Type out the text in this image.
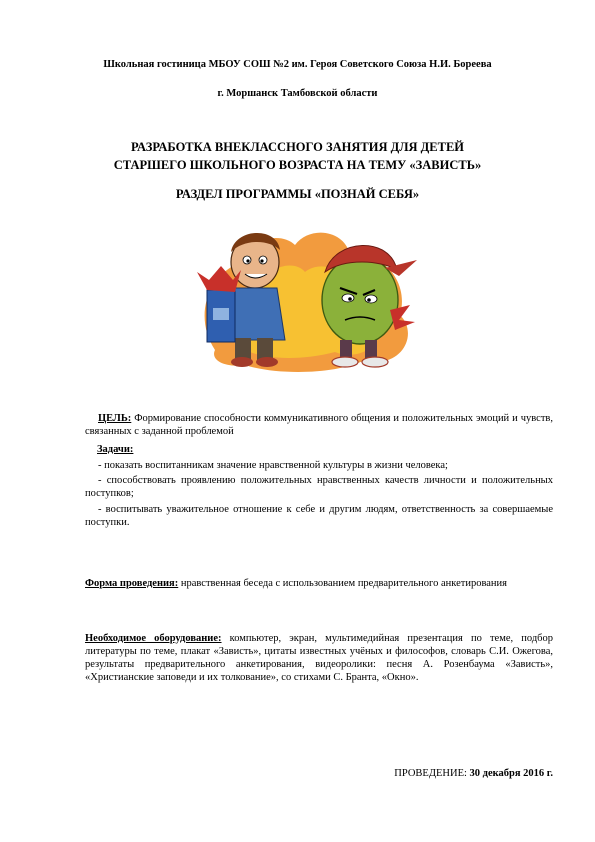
Школьная гостиница МБОУ СОШ №2 им. Героя Советского Союза Н.И. Бореева
г. Моршанск Тамбовской области
РАЗРАБОТКА ВНЕКЛАССНОГО ЗАНЯТИЯ ДЛЯ ДЕТЕЙ
СТАРШЕГО ШКОЛЬНОГО ВОЗРАСТА НА ТЕМУ «ЗАВИСТЬ»
РАЗДЕЛ ПРОГРАММЫ «ПОЗНАЙ СЕБЯ»
ЦЕЛЬ: Формирование способности коммуникативного общения и положительных эмоций и чувств, связанных с заданной проблемой
Задачи:
- показать воспитанникам значение нравственной культуры в жизни человека;
- способствовать проявлению положительных нравственных качеств личности и положительных поступков;
- воспитывать уважительное отношение к себе и другим людям, ответственность за совершаемые поступки.
Форма проведения: нравственная беседа с использованием предварительного анкетирования
Необходимое оборудование: компьютер, экран, мультимедийная презентация по теме, подбор литературы по теме, плакат «Зависть», цитаты известных учёных и философов, словарь С.И. Ожегова, результаты предварительного анкетирования, видеоролики: песня А. Розенбаума «Зависть», «Христианские заповеди и их толкование», со стихами С. Бранта, «Окно».
ПРОВЕДЕНИЕ: 30 декабря 2016 г.
